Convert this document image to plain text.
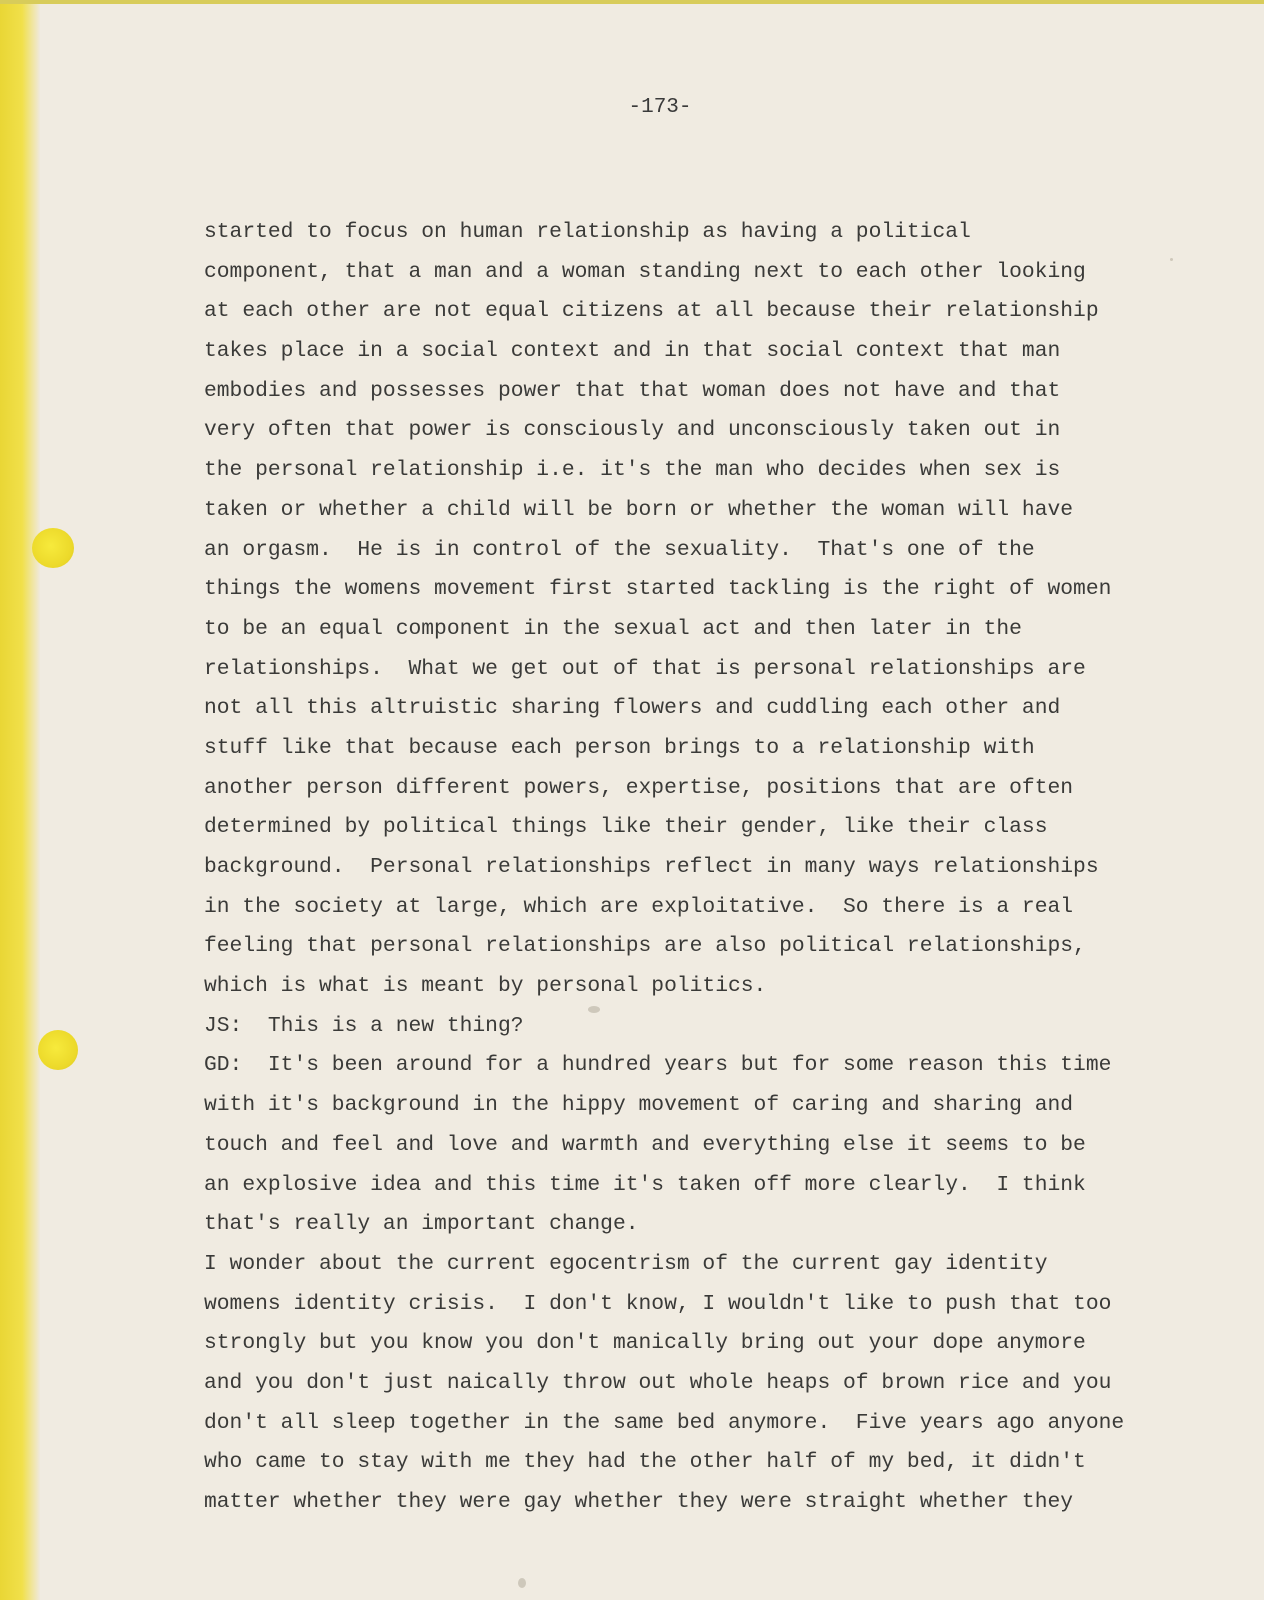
-173-
started to focus on human relationship as having a political
component, that a man and a woman standing next to each other looking
at each other are not equal citizens at all because their relationship
takes place in a social context and in that social context that man
embodies and possesses power that that woman does not have and that
very often that power is consciously and unconsciously taken out in
the personal relationship i.e. it's the man who decides when sex is
taken or whether a child will be born or whether the woman will have
an orgasm.  He is in control of the sexuality.  That's one of the
things the womens movement first started tackling is the right of women
to be an equal component in the sexual act and then later in the
relationships.  What we get out of that is personal relationships are
not all this altruistic sharing flowers and cuddling each other and
stuff like that because each person brings to a relationship with
another person different powers, expertise, positions that are often
determined by political things like their gender, like their class
background.  Personal relationships reflect in many ways relationships
in the society at large, which are exploitative.  So there is a real
feeling that personal relationships are also political relationships,
which is what is meant by personal politics.
JS:  This is a new thing?
GD:  It's been around for a hundred years but for some reason this time
with it's background in the hippy movement of caring and sharing and
touch and feel and love and warmth and everything else it seems to be
an explosive idea and this time it's taken off more clearly.  I think
that's really an important change.
I wonder about the current egocentrism of the current gay identity
womens identity crisis.  I don't know, I wouldn't like to push that too
strongly but you know you don't manically bring out your dope anymore
and you don't just naically throw out whole heaps of brown rice and you
don't all sleep together in the same bed anymore.  Five years ago anyone
who came to stay with me they had the other half of my bed, it didn't
matter whether they were gay whether they were straight whether they
